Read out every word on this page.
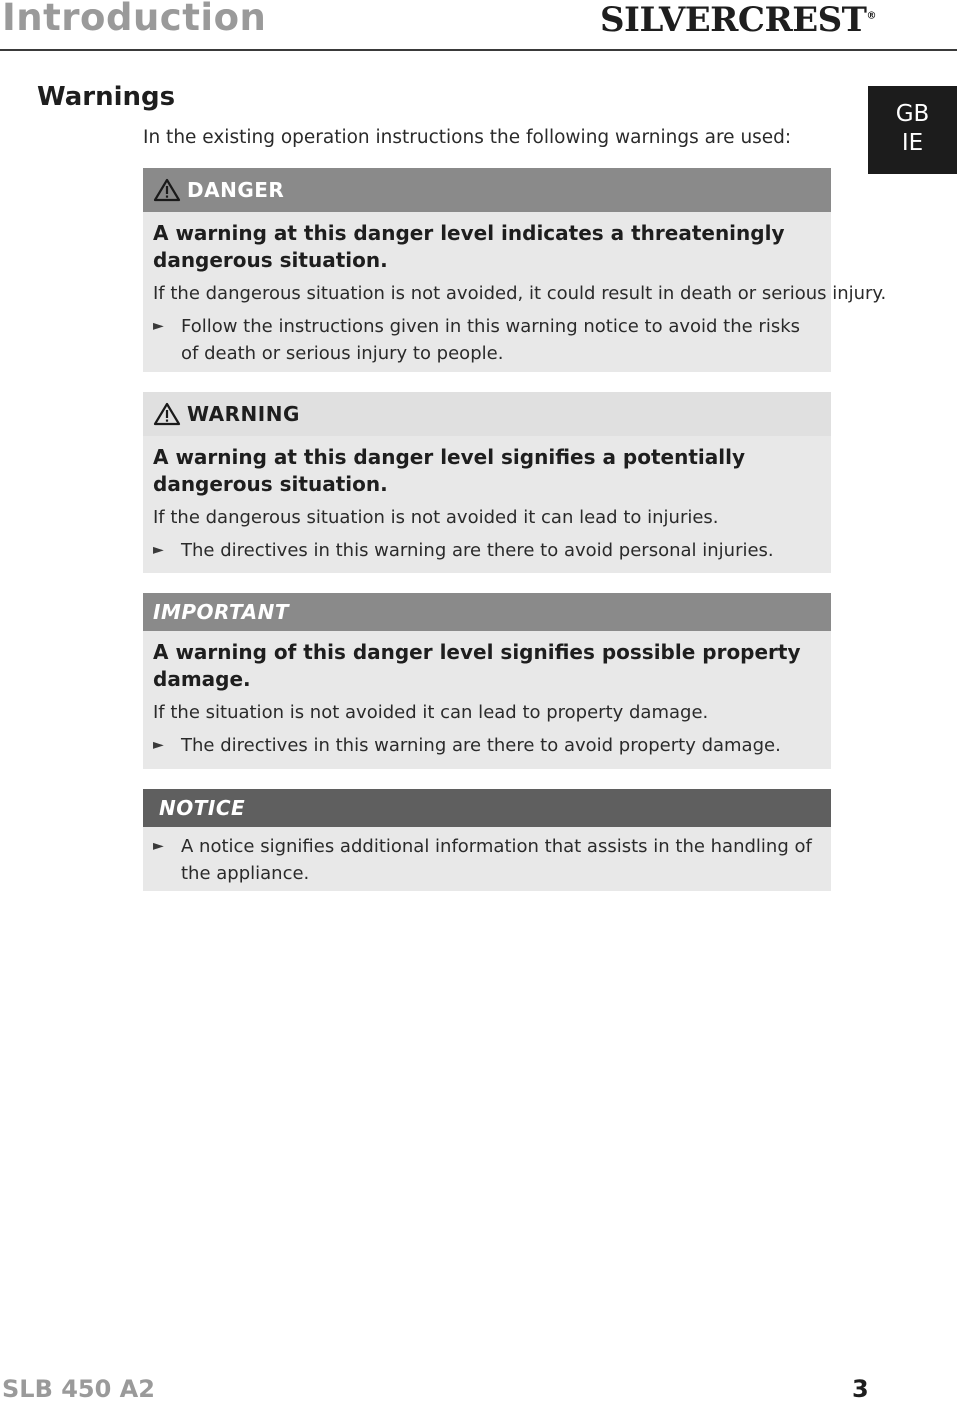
Introduction	SILVERCREST®
GB
IE
Warnings
In the existing operation instructions the following warnings are used:
DANGER

A warning at this danger level indicates a threateningly dangerous situation.

If the dangerous situation is not avoided, it could result in death or serious injury.

► Follow the instructions given in this warning notice to avoid the risks of death or serious injury to people.
WARNING

A warning at this danger level signifies a potentially dangerous situation.

If the dangerous situation is not avoided it can lead to injuries.

► The directives in this warning are there to avoid personal injuries.
IMPORTANT

A warning of this danger level signifies possible property damage.

If the situation is not avoided it can lead to property damage.

► The directives in this warning are there to avoid property damage.
NOTICE
► A notice signifies additional information that assists in the handling of the appliance.
SLB 450 A2	3
